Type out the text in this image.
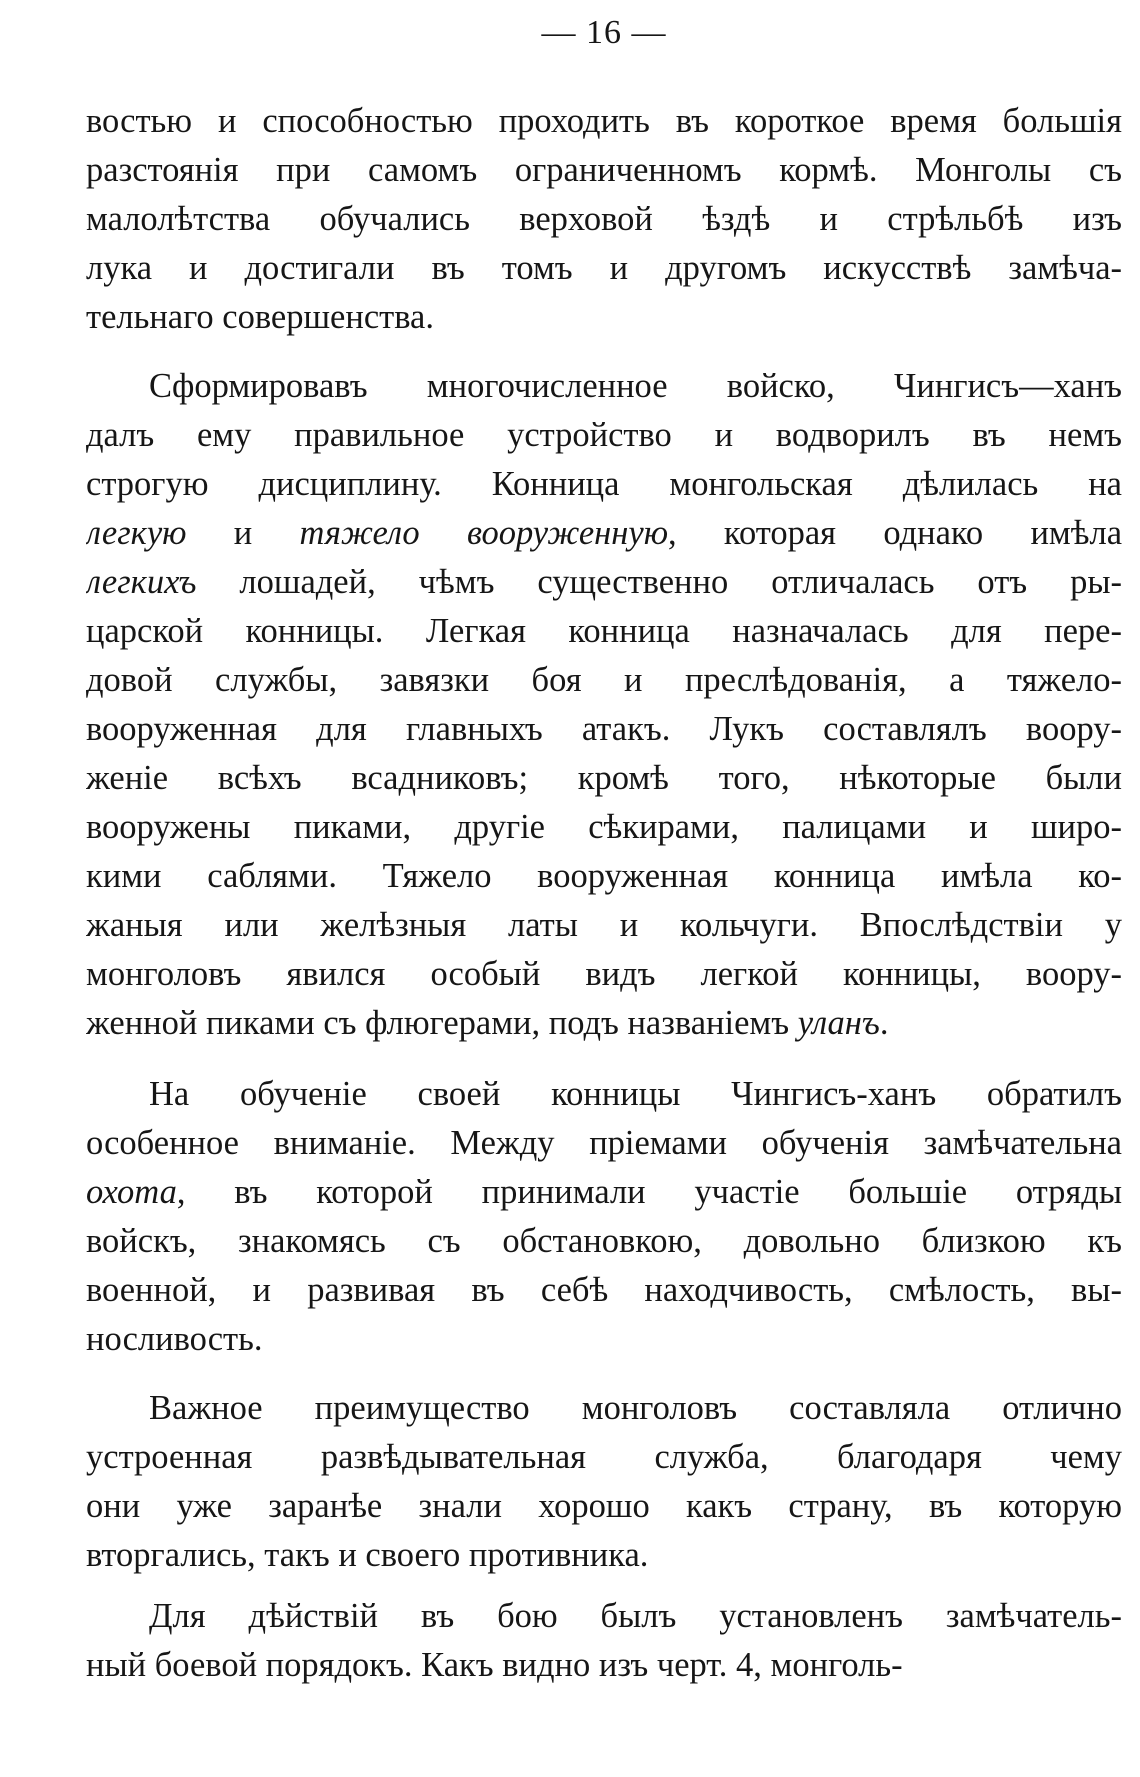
— 16 —
востью и способностью проходить въ короткое время большія
разстоянія при самомъ ограниченномъ кормѣ. Монголы съ
малолѣтства обучались верховой ѣздѣ и стрѣльбѣ изъ
лука и достигали въ томъ и другомъ искусствѣ замѣча-
тельнаго совершенства.
Сформировавъ многочисленное войско, Чингисъ—ханъ
далъ ему правильное устройство и водворилъ въ немъ
строгую дисциплину. Конница монгольская дѣлилась на
легкую и тяжело вооруженную, которая однако имѣла
легкихъ лошадей, чѣмъ существенно отличалась отъ ры-
царской конницы. Легкая конница назначалась для пере-
довой службы, завязки боя и преслѣдованія, а тяжело-
вооруженная для главныхъ атакъ. Лукъ составлялъ воору-
женіе всѣхъ всадниковъ; кромѣ того, нѣкоторые были
вооружены пиками, другіе сѣкирами, палицами и широ-
кими саблями. Тяжело вооруженная конница имѣла ко-
жаныя или желѣзныя латы и кольчуги. Впослѣдствіи у
монголовъ явился особый видъ легкой конницы, воору-
женной пиками съ флюгерами, подъ названіемъ уланъ.
На обученіе своей конницы Чингисъ-ханъ обратилъ
особенное вниманіе. Между пріемами обученія замѣчательна
охота, въ которой принимали участіе большіе отряды
войскъ, знакомясь съ обстановкою, довольно близкою къ
военной, и развивая въ себѣ находчивость, смѣлость, вы-
носливость.
Важное преимущество монголовъ составляла отлично
устроенная развѣдывательная служба, благодаря чему
они уже заранѣе знали хорошо какъ страну, въ которую
вторгались, такъ и своего противника.
Для дѣйствій въ бою былъ установленъ замѣчатель-
ный боевой порядокъ. Какъ видно изъ черт. 4, монголь-
